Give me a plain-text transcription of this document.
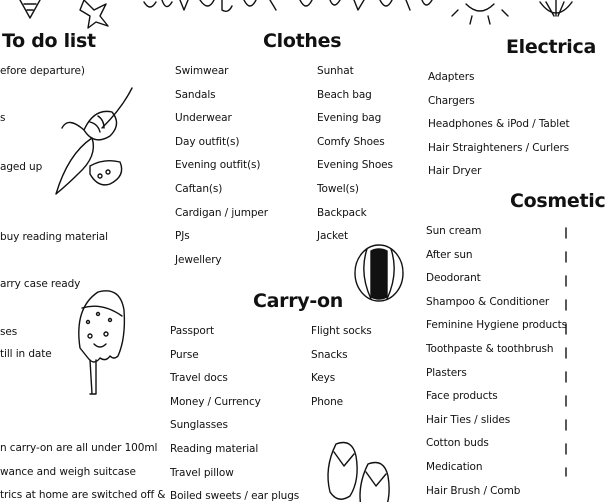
To do list
efore departure)
s
aged up
buy reading material
arry case ready
ses
till in date
n carry-on are all under 100ml
wance and weigh suitcase
trics at home are switched off &
Clothes
Swimwear
Sandals
Underwear
Day outfit(s)
Evening outfit(s)
Caftan(s)
Cardigan / jumper
PJs
Jewellery
Sunhat
Beach bag
Evening bag
Comfy Shoes
Evening Shoes
Towel(s)
Backpack
Jacket
Carry-on
Passport
Purse
Travel docs
Money / Currency
Sunglasses
Reading material
Travel pillow
Boiled sweets / ear plugs
Flight socks
Snacks
Keys
Phone
Electrica
Adapters
Chargers
Headphones & iPod / Tablet
Hair Straighteners / Curlers
Hair Dryer
Cosmetic
Sun cream
After sun
Deodorant
Shampoo & Conditioner
Feminine Hygiene products
Toothpaste & toothbrush
Plasters
Face products
Hair Ties / slides
Cotton buds
Medication
Hair Brush / Comb
